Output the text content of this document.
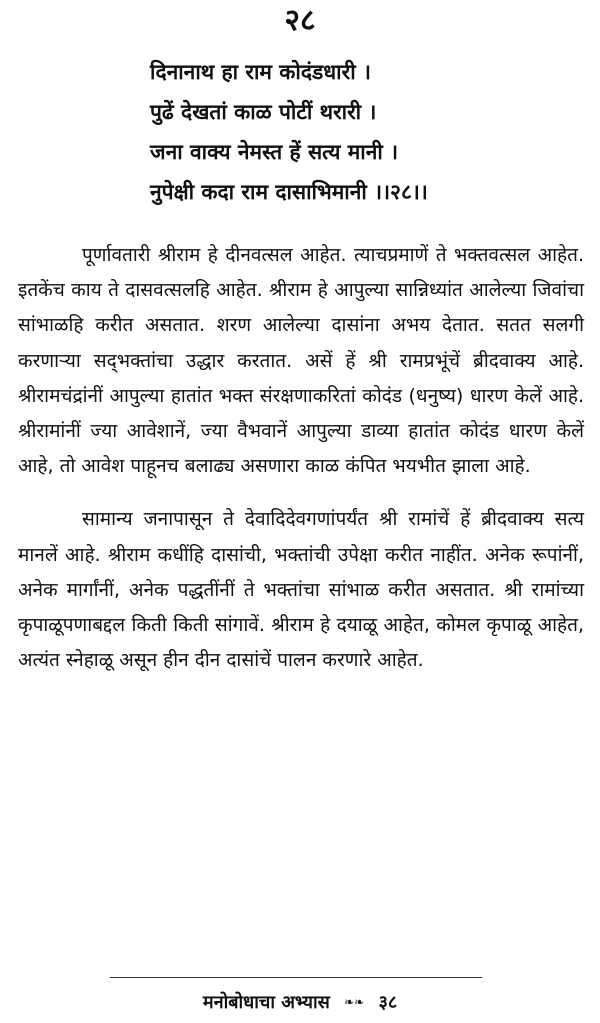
२८
दिनानाथ हा राम कोदंडधारी ।
पुढें देखतां काळ पोटीं थरारी ।
जना वाक्य नेमस्त हें सत्य मानी ।
नुपेक्षी कदा राम दासाभिमानी ।।२८।।

पूर्णावतारी श्रीराम हे दीनवत्सल आहेत. त्याचप्रमाणें ते भक्तवत्सल आहेत. इतकेंच काय ते दासवत्सलहि आहेत. श्रीराम हे आपुल्या सान्निध्यांत आलेल्या जिवांचा सांभाळहि करीत असतात. शरण आलेल्या दासांना अभय देतात. सतत सलगी करणाऱ्या सद्‌भक्तांचा उद्धार करतात. असें हें श्री रामप्रभूंचें ब्रीदवाक्य आहे. श्रीरामचंद्रांनीं आपुल्या हातांत भक्त संरक्षणाकरितां कोदंड (धनुष्य) धारण केलें आहे. श्रीरामांनीं ज्या आवेशानें, ज्या वैभवानें आपुल्या डाव्या हातांत कोदंड धारण केलें आहे, तो आवेश पाहूनच बलाढ्य असणारा काळ कंपित भयभीत झाला आहे.

सामान्य जनापासून ते देवादिदेवगणांपर्यंत श्री रामांचें हें ब्रीदवाक्य सत्य मानलें आहे. श्रीराम कधींहि दासांची, भक्तांची उपेक्षा करीत नाहींत. अनेक रूपांनीं, अनेक मार्गांनीं, अनेक पद्धतींनीं ते भक्तांचा सांभाळ करीत असतात. श्री रामांच्या कृपाळूपणाबद्दल किती किती सांगावें. श्रीराम हे दयाळू आहेत, कोमल कृपाळू आहेत, अत्यंत स्नेहाळू असून हीन दीन दासांचें पालन करणारे आहेत.

मनोबोधाचा अभ्यास ❧❧ ३८
